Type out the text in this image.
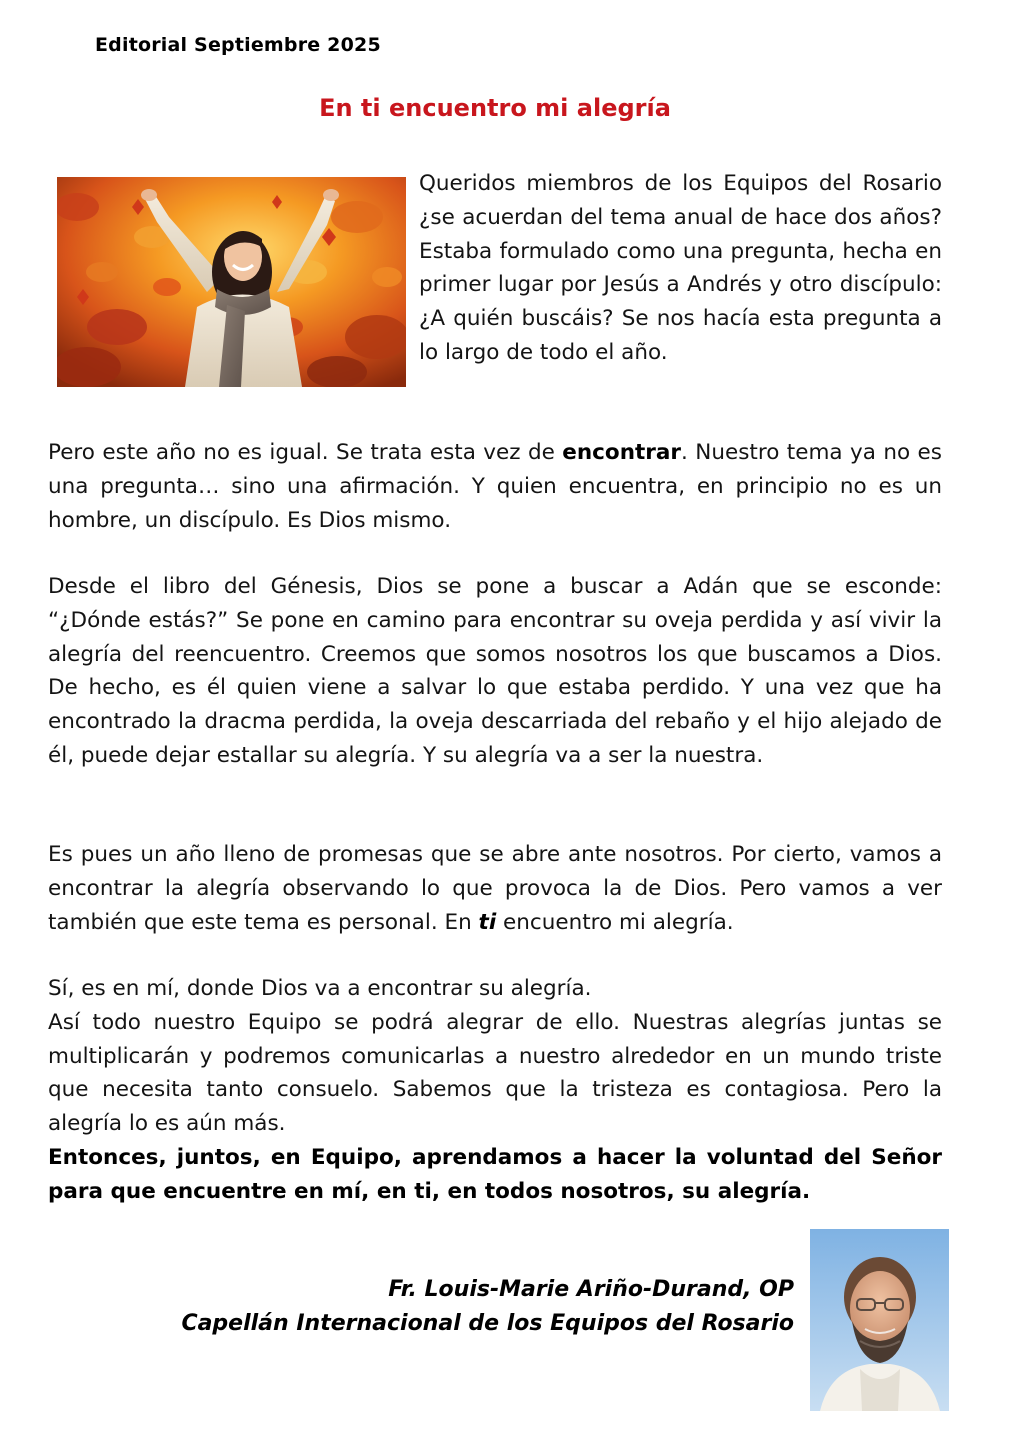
Editorial Septiembre 2025
En ti encuentro mi alegría
Queridos miembros de los Equipos del Rosario ¿se acuerdan del tema anual de hace dos años? Estaba formulado como una pregunta, hecha en primer lugar por Jesús a Andrés y otro discípulo: ¿A quién buscáis? Se nos hacía esta pregunta a lo largo de todo el año.
Pero este año no es igual. Se trata esta vez de encontrar. Nuestro tema ya no es una pregunta… sino una afirmación. Y quien encuentra, en principio no es un hombre, un discípulo. Es Dios mismo.
Desde el libro del Génesis, Dios se pone a buscar a Adán que se esconde: “¿Dónde estás?” Se pone en camino para encontrar su oveja perdida y así vivir la alegría del reencuentro. Creemos que somos nosotros los que buscamos a Dios. De hecho, es él quien viene a salvar lo que estaba perdido. Y una vez que ha encontrado la dracma perdida, la oveja descarriada del rebaño y el hijo alejado de él, puede dejar estallar su alegría. Y su alegría va a ser la nuestra.
Es pues un año lleno de promesas que se abre ante nosotros. Por cierto, vamos a encontrar la alegría observando lo que provoca la de Dios. Pero vamos a ver también que este tema es personal. En ti encuentro mi alegría.
Sí, es en mí, donde Dios va a encontrar su alegría.
Así todo nuestro Equipo se podrá alegrar de ello. Nuestras alegrías juntas se multiplicarán y podremos comunicarlas a nuestro alrededor en un mundo triste que necesita tanto consuelo. Sabemos que la tristeza es contagiosa. Pero la alegría lo es aún más.
Entonces, juntos, en Equipo, aprendamos a hacer la voluntad del Señor para que encuentre en mí, en ti, en todos nosotros, su alegría.
Fr. Louis-Marie Ariño-Durand, OP
Capellán Internacional de los Equipos del Rosario
